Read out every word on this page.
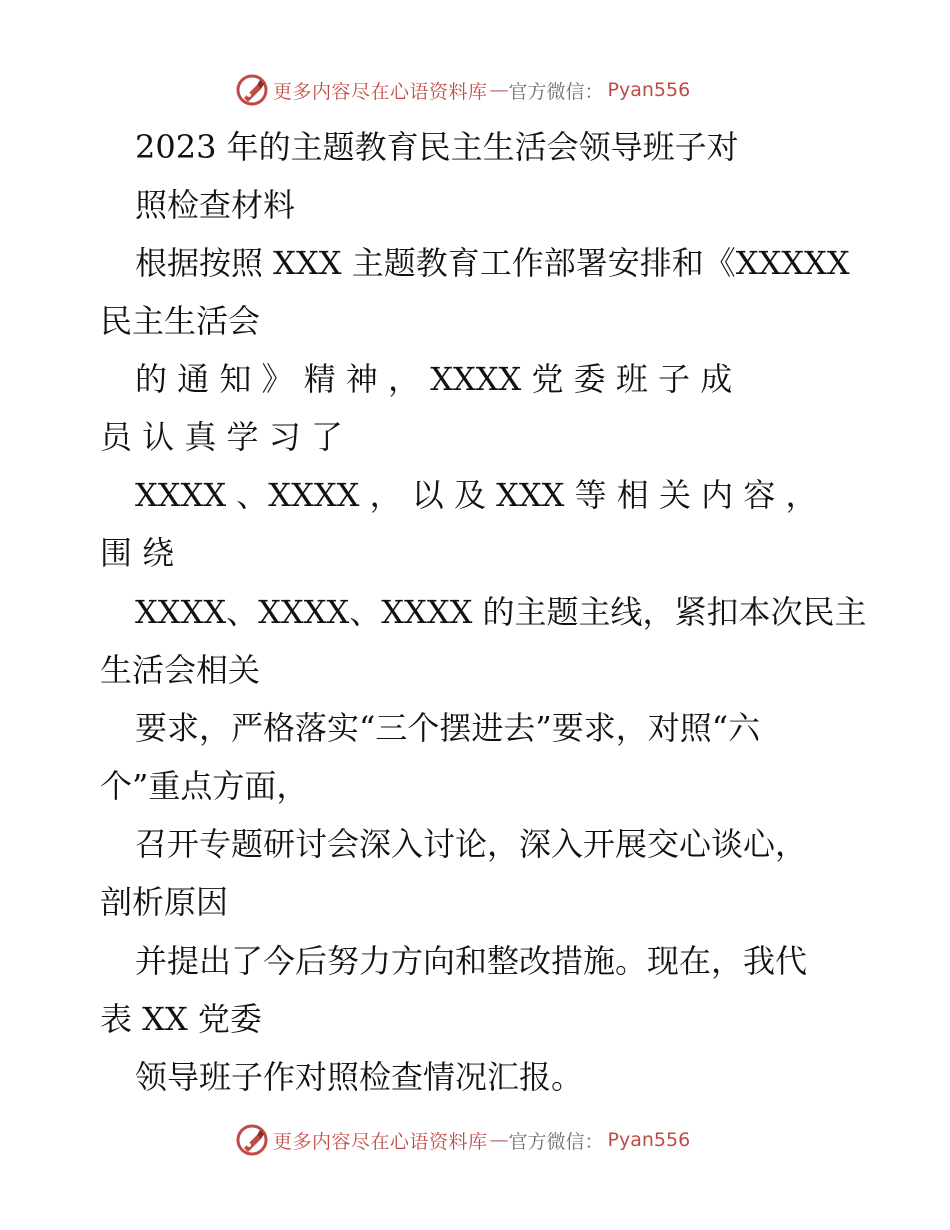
更多内容尽在心语资料库 — 官方微信： Pyan556
2023 年的主题教育民主生活会领导班子对
照检查材料
根据按照 XXX 主题教育工作部署安排和《XXXXX
民主生活会
的 通 知 》 精 神 ， XXXX 党 委 班 子 成
员 认 真 学 习 了
XXXX 、XXXX ， 以 及 XXX 等 相 关 内 容 ，
围 绕
XXXX、XXXX、XXXX 的主题主线，紧扣本次民主
生活会相关
要求，严格落实“三个摆进去”要求，对照“六
个”重点方面，
召开专题研讨会深入讨论，深入开展交心谈心，
剖析原因
并提出了今后努力方向和整改措施。现在，我代
表 XX 党委
领导班子作对照检查情况汇报。
更多内容尽在心语资料库 — 官方微信： Pyan556
